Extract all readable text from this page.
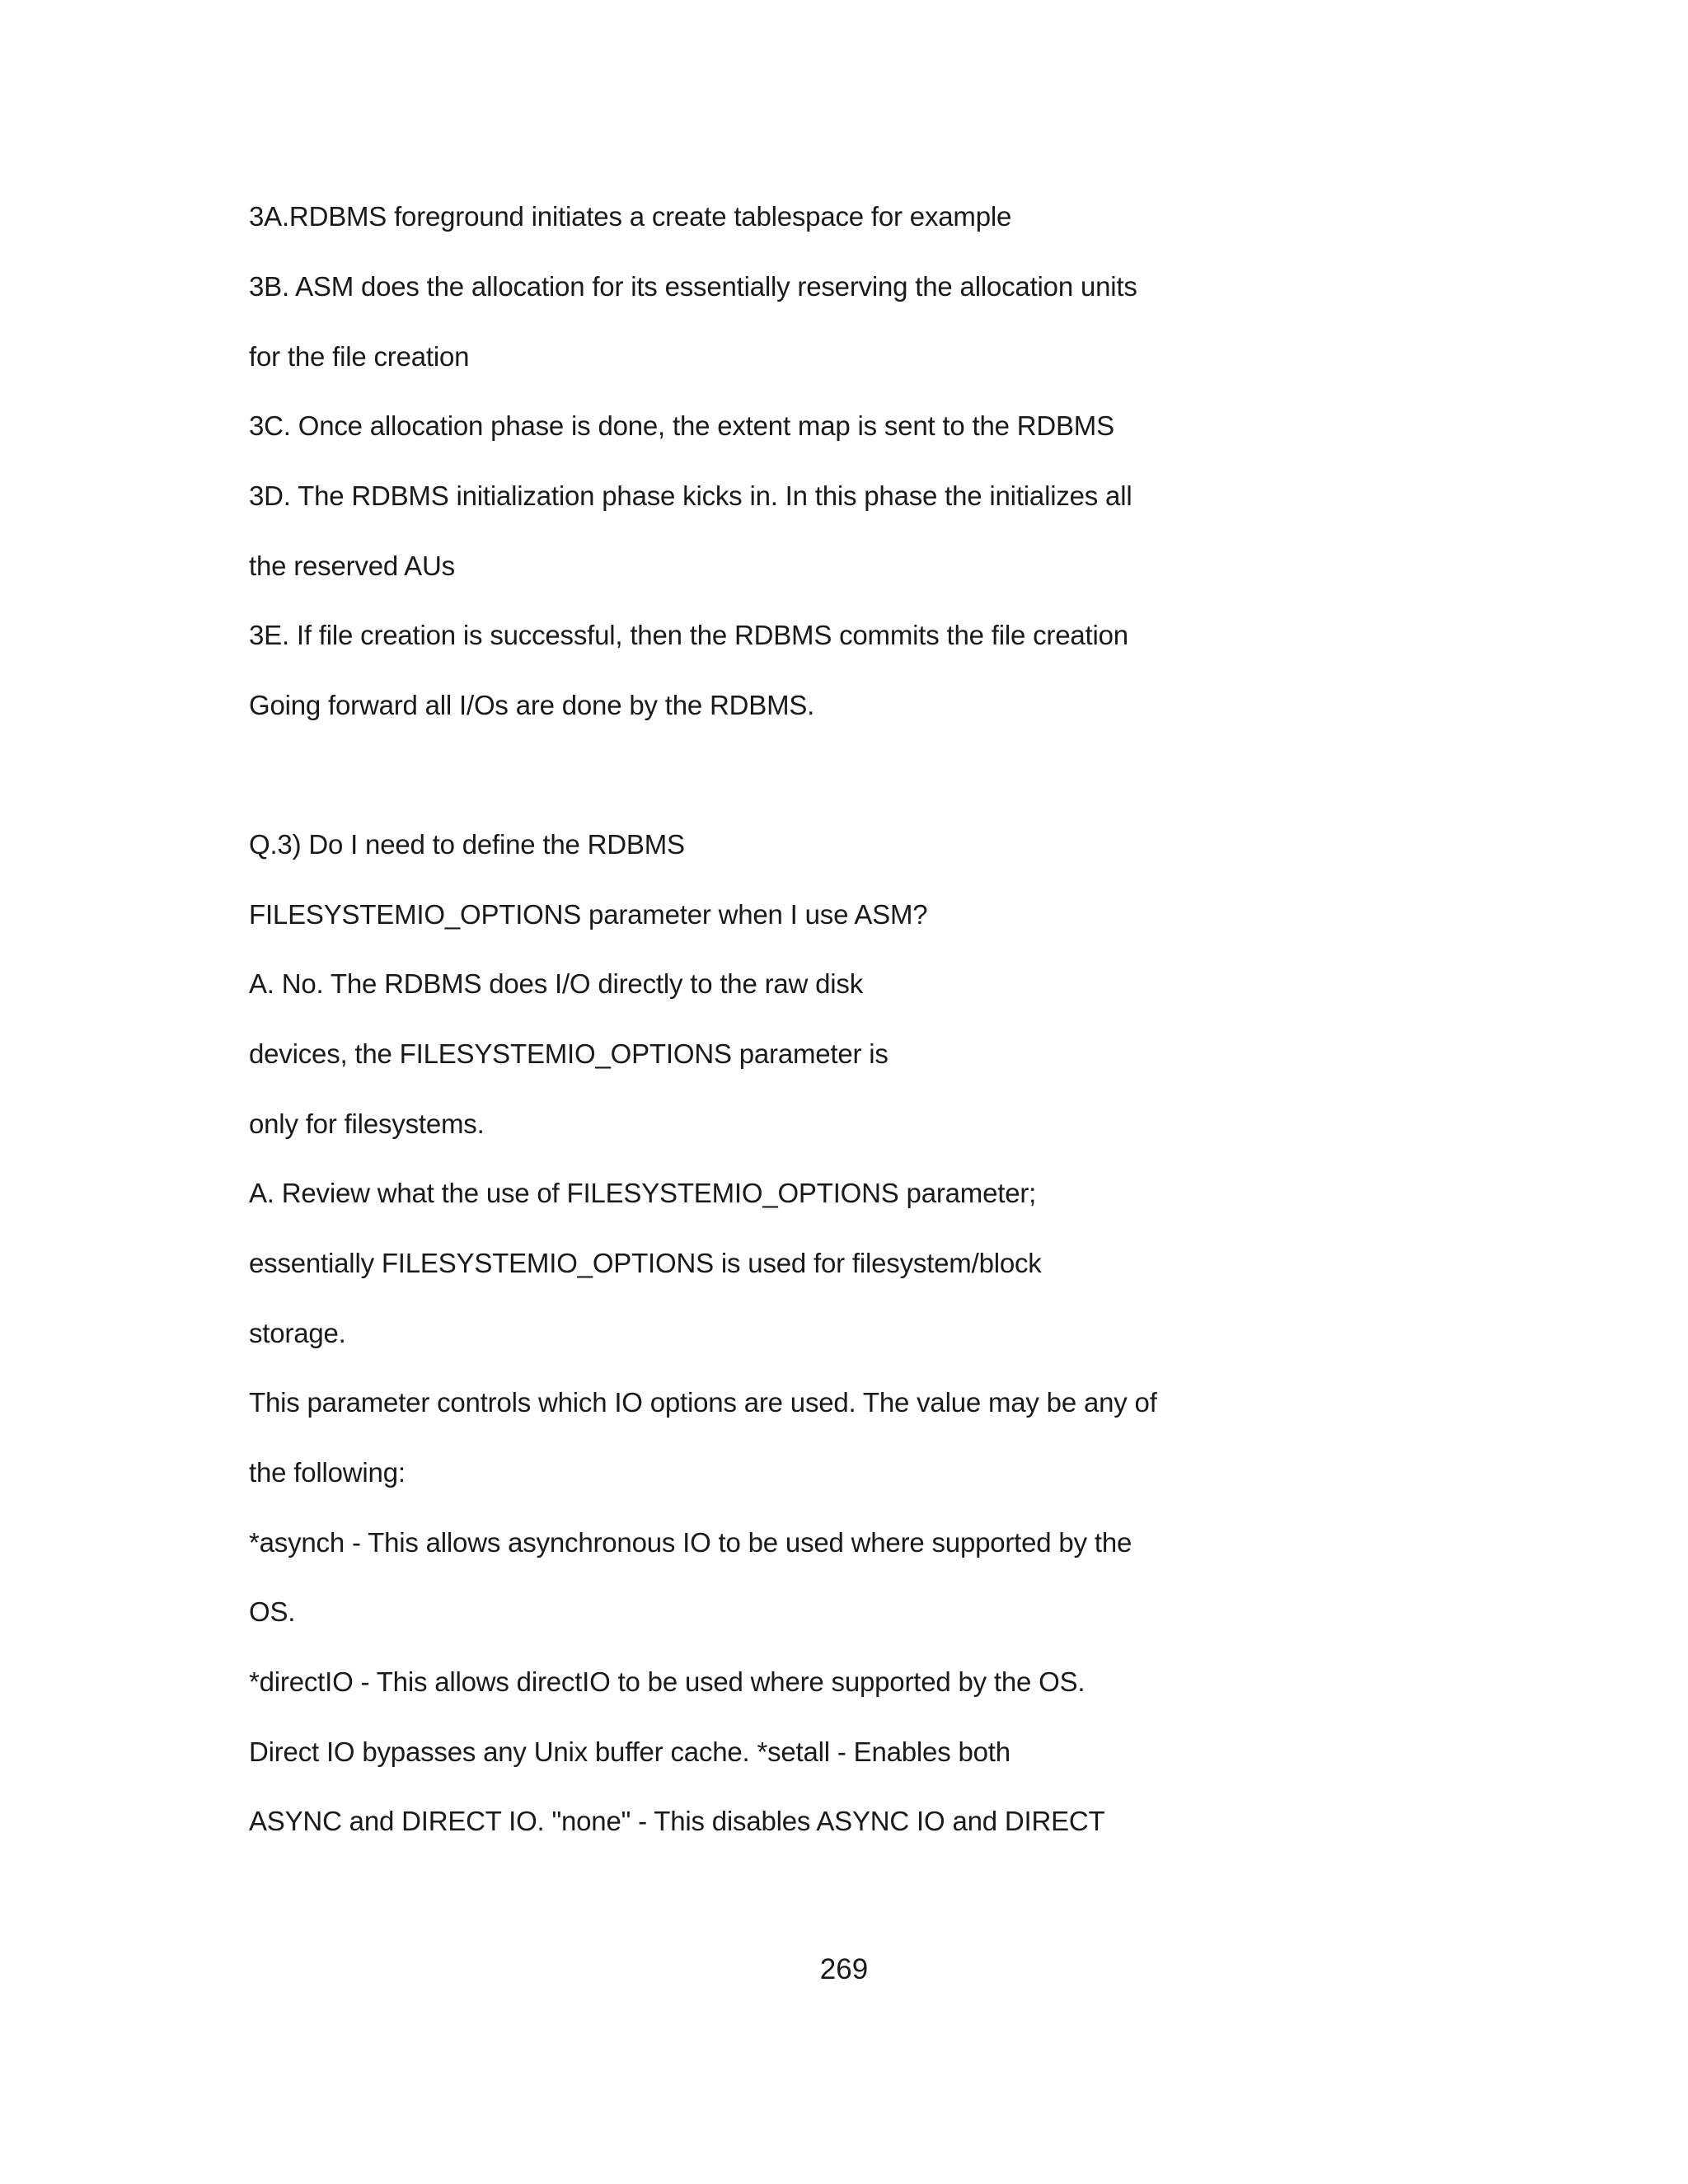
3A.RDBMS foreground initiates a create tablespace for example
3B. ASM does the allocation for its essentially reserving the allocation units
for the file creation
3C. Once allocation phase is done, the extent map is sent to the RDBMS
3D. The RDBMS initialization phase kicks in. In this phase the initializes all
the reserved AUs
3E. If file creation is successful, then the RDBMS commits the file creation
Going forward all I/Os are done by the RDBMS.
Q.3) Do I need to define the RDBMS
FILESYSTEMIO_OPTIONS parameter when I use ASM?
A. No. The RDBMS does I/O directly to the raw disk
devices, the FILESYSTEMIO_OPTIONS parameter is
only for filesystems.
A. Review what the use of FILESYSTEMIO_OPTIONS parameter;
essentially FILESYSTEMIO_OPTIONS is used for filesystem/block
storage.
This parameter controls which IO options are used. The value may be any of
the following:
*asynch - This allows asynchronous IO to be used where supported by the
OS.
*directIO - This allows directIO to be used where supported by the OS.
Direct IO bypasses any Unix buffer cache. *setall - Enables both
ASYNC and DIRECT IO. "none" - This disables ASYNC IO and DIRECT
269
